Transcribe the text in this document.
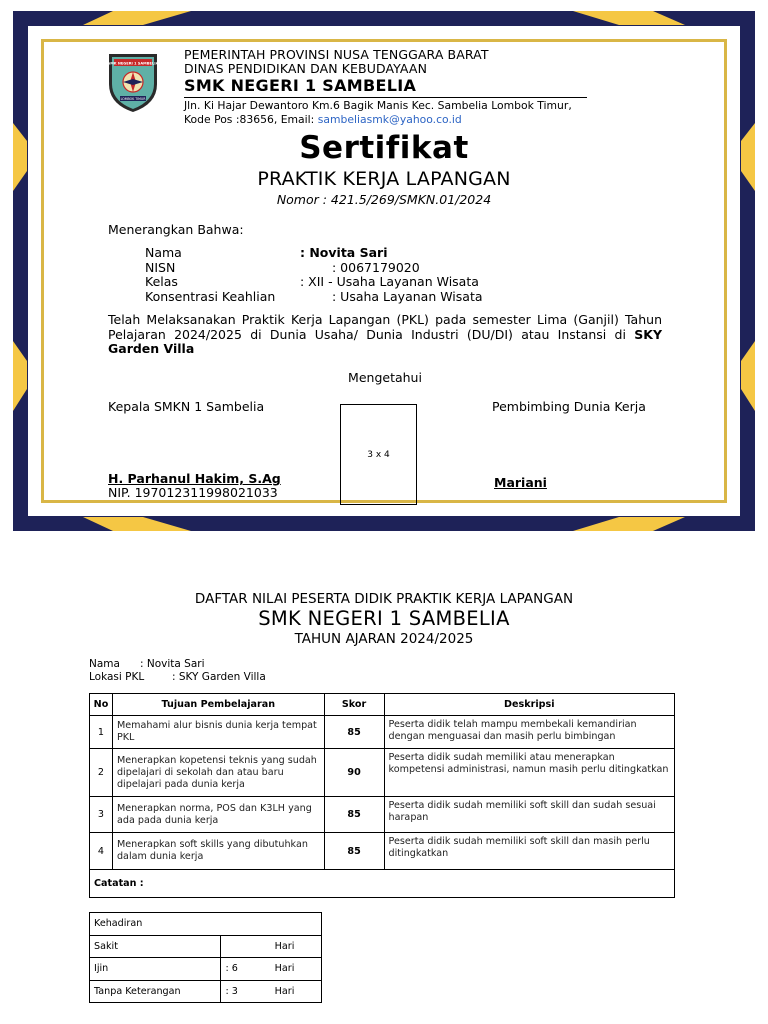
SMK NEGERI 1 SAMBELIA
LOMBOK TIMUR
PEMERINTAH PROVINSI NUSA TENGGARA BARAT
DINAS PENDIDIKAN DAN KEBUDAYAAN
SMK NEGERI 1 SAMBELIA
Jln. Ki Hajar Dewantoro Km.6 Bagik Manis Kec. Sambelia Lombok Timur,
Kode Pos :83656, Email: sambeliasmk@yahoo.co.id
Sertifikat
PRAKTIK KERJA LAPANGAN
Nomor : 421.5/269/SMKN.01/2024
Menerangkan Bahwa:
Nama	: Novita Sari
NISN	: 0067179020
Kelas	: XII - Usaha Layanan Wisata
Konsentrasi Keahlian	: Usaha Layanan Wisata
Telah Melaksanakan Praktik Kerja Lapangan (PKL) pada semester Lima (Ganjil) Tahun Pelajaran 2024/2025 di Dunia Usaha/ Dunia Industri (DU/DI) atau Instansi di SKY Garden Villa
Mengetahui
Kepala SMKN 1 Sambelia	Pembimbing Dunia Kerja
3 x 4
H. Parhanul Hakim, S.Ag
NIP. 197012311998021033
Mariani
DAFTAR NILAI PESERTA DIDIK PRAKTIK KERJA LAPANGAN
SMK NEGERI 1 SAMBELIA
TAHUN AJARAN 2024/2025
Nama : Novita Sari
Lokasi PKL	: SKY Garden Villa
No	Tujuan Pembelajaran	Skor	Deskripsi
1	Memahami alur bisnis dunia kerja tempat PKL	85	Peserta didik telah mampu membekali kemandirian dengan menguasai dan masih perlu bimbingan
2	Menerapkan kopetensi teknis yang sudah dipelajari di sekolah dan atau baru dipelajari pada dunia kerja	90	Peserta didik sudah memiliki atau menerapkan kompetensi administrasi, namun masih perlu ditingkatkan
3	Menerapkan norma, POS dan K3LH yang ada pada dunia kerja	85	Peserta didik sudah memiliki soft skill dan sudah sesuai harapan
4	Menerapkan soft skills yang dibutuhkan dalam dunia kerja	85	Peserta didik sudah memiliki soft skill dan masih perlu ditingkatkan
Catatan :			
Kehadiran		
Sakit		Hari
Ijin	: 6	Hari
Tanpa Keterangan	: 3	Hari
